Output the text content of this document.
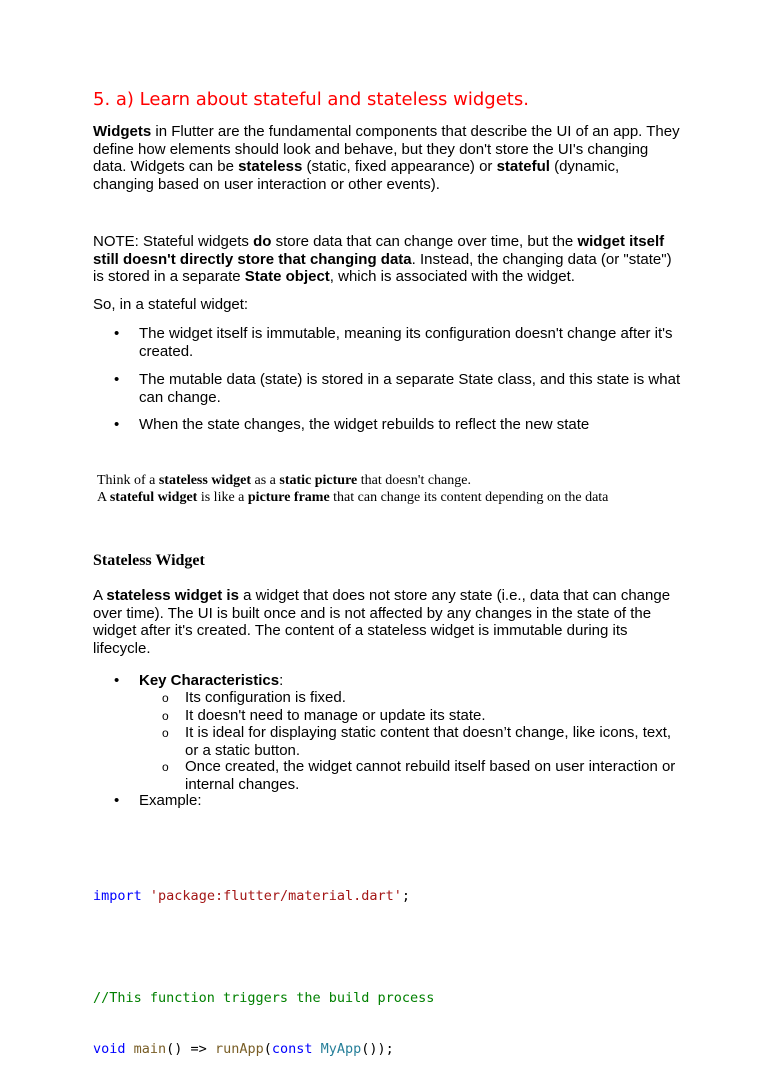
5. a) Learn about stateful and stateless widgets.

Widgets in Flutter are the fundamental components that describe the UI of an app. They define how elements should look and behave, but they don't store the UI's changing data. Widgets can be stateless (static, fixed appearance) or stateful (dynamic, changing based on user interaction or other events).

NOTE: Stateful widgets do store data that can change over time, but the widget itself still doesn't directly store that changing data. Instead, the changing data (or "state") is stored in a separate State object, which is associated with the widget.

So, in a stateful widget:

• The widget itself is immutable, meaning its configuration doesn't change after it's created.
• The mutable data (state) is stored in a separate State class, and this state is what can change.
• When the state changes, the widget rebuilds to reflect the new state
Think of a stateless widget as a static picture that doesn't change.
A stateful widget is like a picture frame that can change its content depending on the data
Stateless Widget

A stateless widget is a widget that does not store any state (i.e., data that can change over time). The UI is built once and is not affected by any changes in the state of the widget after it's created. The content of a stateless widget is immutable during its lifecycle.

• Key Characteristics:
o Its configuration is fixed.
o It doesn't need to manage or update its state.
o It is ideal for displaying static content that doesn’t change, like icons, text, or a static button.
o Once created, the widget cannot rebuild itself based on user interaction or internal changes.
• Example:

import 'package:flutter/material.dart';

//This function triggers the build process

void main() => runApp(const MyApp());
